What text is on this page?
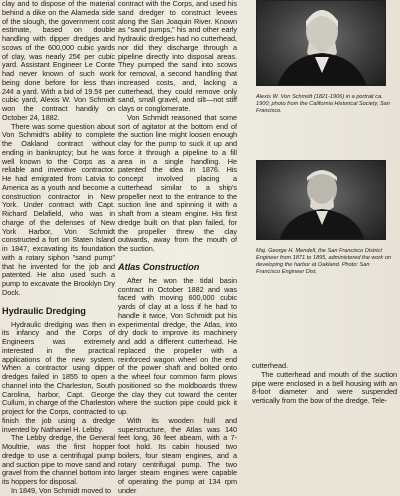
clay and to dispose of the material behind a dike on the Alameda side of the slough, the government cost estimate, based on double handling with dipper dredges and scows of the 600,000 cubic yards of clay, was nearly 25¢ per cubic yard. Assistant Engineer Le Conte had never known of such work being done before for less than 24¢ a yard. With a bid of 19.5¢ per cubic yard, Alexis W. Von Schmidt won the contract handily on October 24, 1882.

There was some question about Von Schmidt's ability to complete the Oakland contract without ending in bankruptcy; but he was well known to the Corps as a reliable and inventive contractor. He had emigrated from Latvia to America as a youth and become a construction contractor in New York. Under contract with Capt. Richard Delafield, who was in charge of the defenses of New York Harbor, Von Schmidt constructed a fort on Staten Island in 1847, excavating its foundation with a rotary siphon "sand pump" that he invented for the job and patented. He also used such a pump to excavate the Brooklyn Dry Dock.

Hydraulic Dredging

Hydraulic dredging was then in its infancy and the Corps of Engineers was extremely interested in the practical applications of the new system. When a contractor using dipper dredges failed in 1855 to open a channel into the Charleston, South Carolina, harbor, Capt. George Cullum, in charge of the Charleston project for the Corps, contracted to finish the job using a dredge invented by Nathaniel H. Lebby.

The Lebby dredge, the General Moultrie, was the first hopper dredge to use a centrifugal pump and suction pipe to move sand and gravel from the channel bottom into its hoppers for disposal.

In 1849, Von Schmidt moved to

contract with the Corps, and used his sand dredger to construct levees along the San Joaquin River. Known as "sand pumps," his and other early hydraulic dredges had no cutterhead, nor did they discharge through a pipeline directly into disposal areas. They pumped the sand into scows for removal, a second handling that increased costs, and, lacking a cutterhead, they could remove only sand, small gravel, and silt—not stiff clays or conglomerate.

Von Schmidt reasoned that some sort of agitator at the bottom end of the suction line might loosen enough clay for the pump to suck it up and force it through a pipeline to a fill area in a single handling. He patented the idea in 1876. His concept involved placing a cutterhead similar to a ship's propeller next to the entrance to the suction line and spinning it with a shaft from a steam engine. His first dredge built on that plan failed, for the propeller threw the clay outwards, away from the mouth of the suction.

Atlas Construction

After he won the tidal basin contract in October 1882 and was faced with moving 600,000 cubic yards of clay at a loss if he had to handle it twice, Von Schmidt put his experimental dredge, the Atlas, into dry dock to improve its machinery and add a different cutterhead. He replaced the propeller with a reinforced wagon wheel on the end of the power shaft and bolted onto the wheel four common farm plows positioned so the moldboards threw the clay they cut toward the center where the suction pipe could pick it up.

With its wooden hull and superstructure, the Atlas was 140 feet long, 36 feet abeam, with a 7-foot hold. Its cabin housed two boilers, four steam engines, and a rotary centrifugal pump. The two larger steam engines were capable of operating the pump at 134 rpm under

Alexis W. Von Schmidt (1821-1906) in a portrait ca. 1900; photo from the California Historical Society, San Francisco.
Maj. George H. Mendell, the San Francisco District Engineer from 1871 to 1895, administered the work on developing the harbor at Oakland. Photo: San Francisco Engineer Dist.

cutterhead.

The cutterhead and mouth of the suction pipe were enclosed in a bell housing with an 8-foot diameter and were suspended vertically from the bow of the dredge. Tele-
